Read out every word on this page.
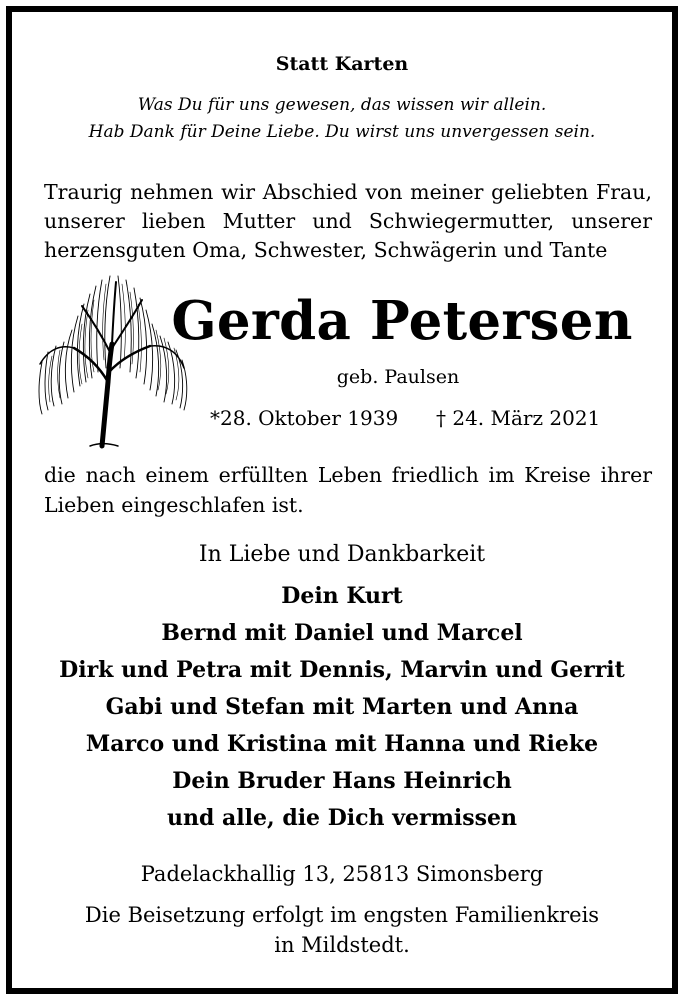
Statt Karten
Was Du für uns gewesen, das wissen wir allein.
Hab Dank für Deine Liebe. Du wirst uns unvergessen sein.
Traurig nehmen wir Abschied von meiner geliebten Frau,
unserer lieben Mutter und Schwiegermutter, unserer
herzensguten Oma, Schwester, Schwägerin und Tante
Gerda Petersen
geb. Paulsen
*28. Oktober 1939 † 24. März 2021
die nach einem erfüllten Leben friedlich im Kreise ihrer
Lieben eingeschlafen ist.
In Liebe und Dankbarkeit
Dein Kurt
Bernd mit Daniel und Marcel
Dirk und Petra mit Dennis, Marvin und Gerrit
Gabi und Stefan mit Marten und Anna
Marco und Kristina mit Hanna und Rieke
Dein Bruder Hans Heinrich
und alle, die Dich vermissen
Padelackhallig 13, 25813 Simonsberg
Die Beisetzung erfolgt im engsten Familienkreis
in Mildstedt.
